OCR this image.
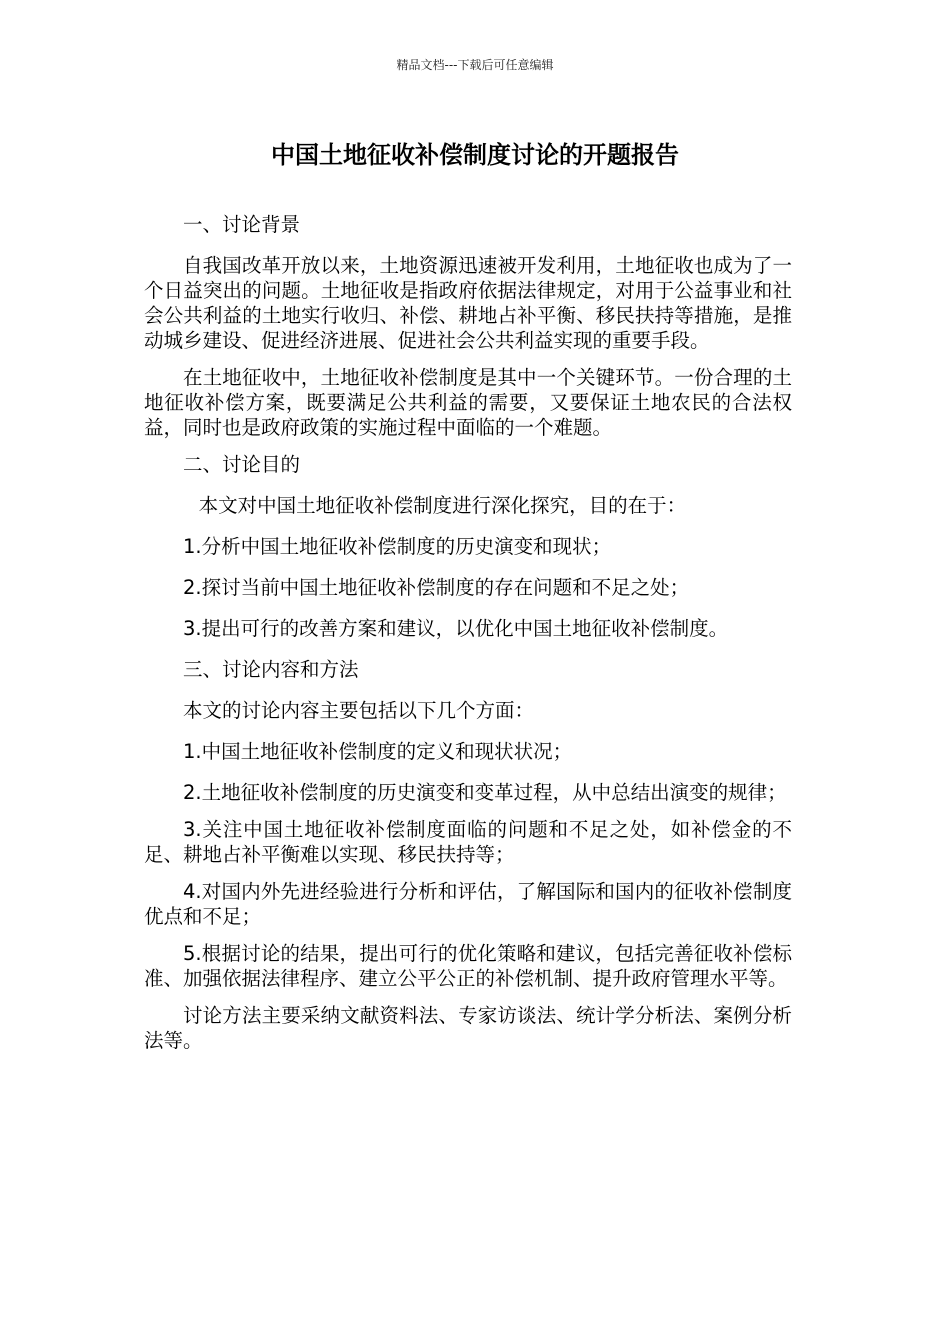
精品文档---下载后可任意编辑
中国土地征收补偿制度讨论的开题报告

一、讨论背景

自我国改革开放以来，土地资源迅速被开发利用，土地征收也成为了一个日益突出的问题。土地征收是指政府依据法律规定，对用于公益事业和社会公共利益的土地实行收归、补偿、耕地占补平衡、移民扶持等措施，是推动城乡建设、促进经济进展、促进社会公共利益实现的重要手段。

在土地征收中，土地征收补偿制度是其中一个关键环节。一份合理的土地征收补偿方案，既要满足公共利益的需要，又要保证土地农民的合法权益，同时也是政府政策的实施过程中面临的一个难题。

二、讨论目的

本文对中国土地征收补偿制度进行深化探究，目的在于：

1.分析中国土地征收补偿制度的历史演变和现状；

2.探讨当前中国土地征收补偿制度的存在问题和不足之处；

3.提出可行的改善方案和建议，以优化中国土地征收补偿制度。

三、讨论内容和方法

本文的讨论内容主要包括以下几个方面：

1.中国土地征收补偿制度的定义和现状状况；

2.土地征收补偿制度的历史演变和变革过程，从中总结出演变的规律；

3.关注中国土地征收补偿制度面临的问题和不足之处，如补偿金的不足、耕地占补平衡难以实现、移民扶持等；

4.对国内外先进经验进行分析和评估，了解国际和国内的征收补偿制度优点和不足；

5.根据讨论的结果，提出可行的优化策略和建议，包括完善征收补偿标准、加强依据法律程序、建立公平公正的补偿机制、提升政府管理水平等。

讨论方法主要采纳文献资料法、专家访谈法、统计学分析法、案例分析法等。
